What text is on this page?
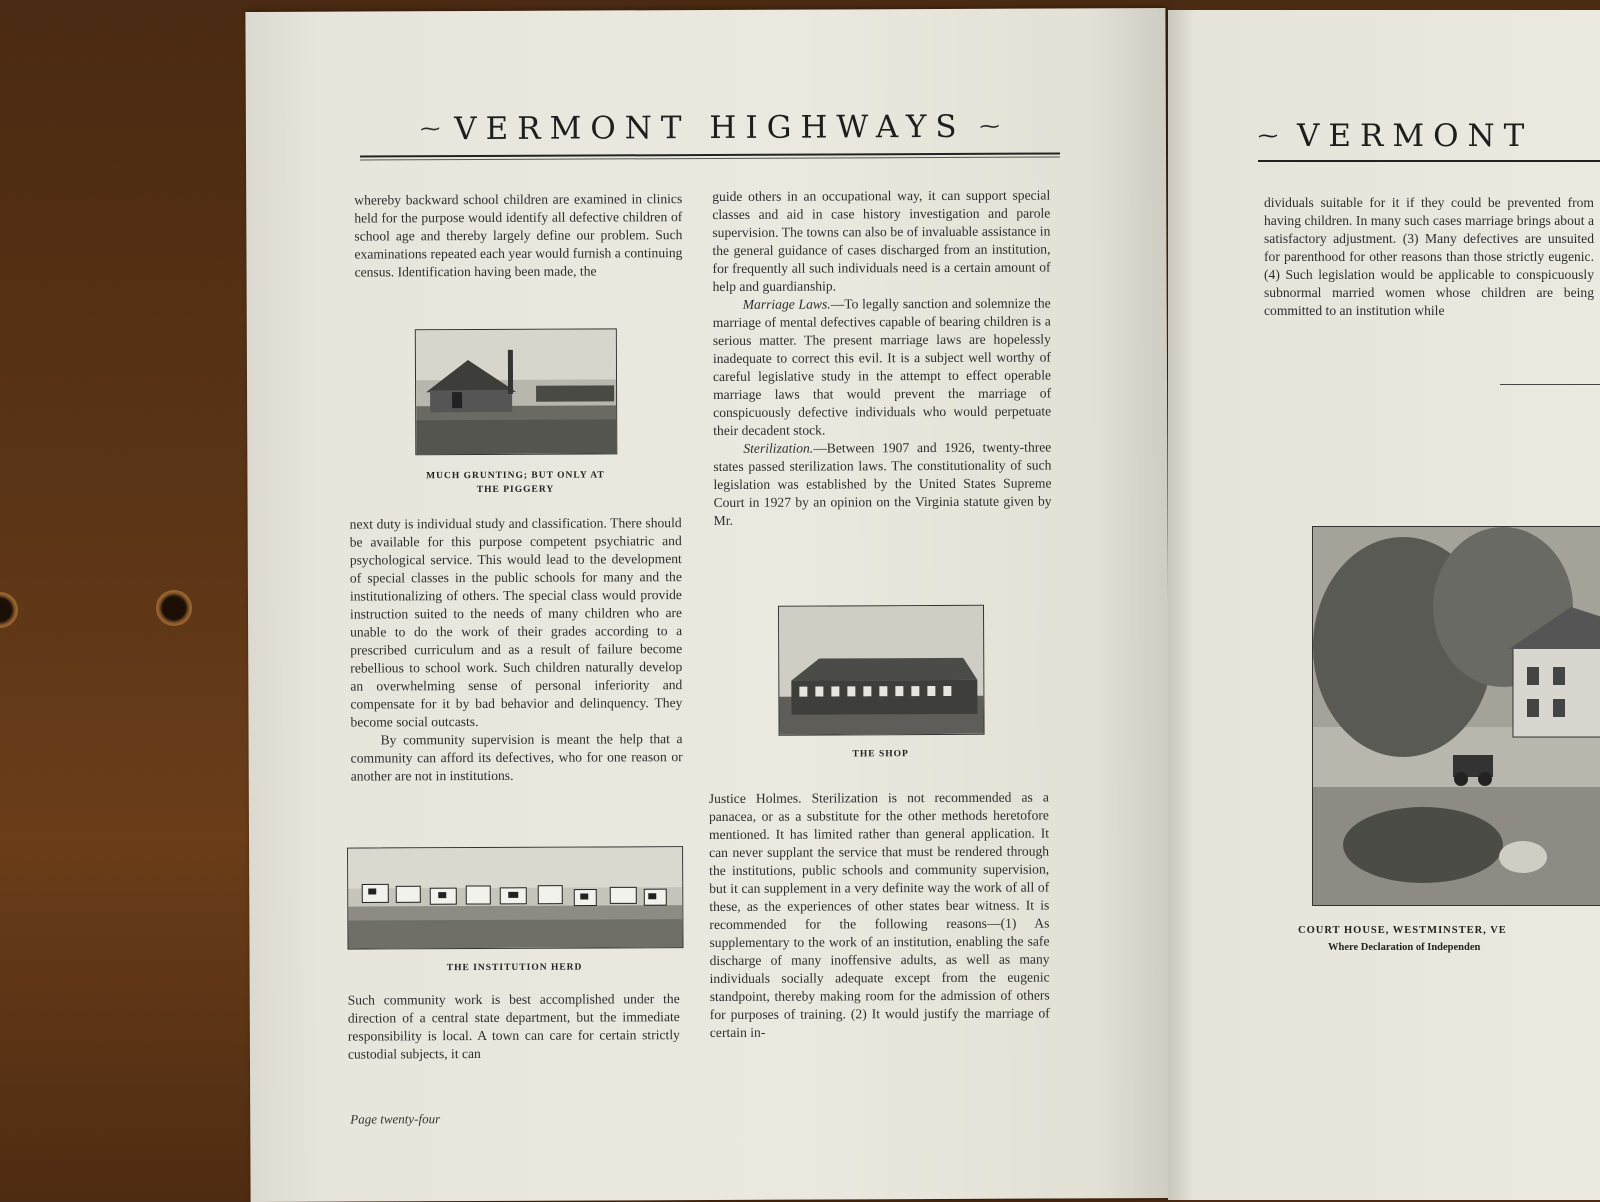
⁓ VERMONT HIGHWAYS ⁓

whereby backward school children are examined in clinics held for the purpose would identify all defective children of school age and thereby largely define our problem. Such examinations repeated each year would furnish a continuing census. Identification having been made, the

MUCH GRUNTING; BUT ONLY AT
THE PIGGERY

next duty is individual study and classification. There should be available for this purpose competent psychiatric and psychological service. This would lead to the development of special classes in the public schools for many and the institutionalizing of others. The special class would provide instruction suited to the needs of many children who are unable to do the work of their grades according to a prescribed curriculum and as a result of failure become rebellious to school work. Such children naturally develop an overwhelming sense of personal inferiority and compensate for it by bad behavior and delinquency. They become social outcasts.

By community supervision is meant the help that a community can afford its defectives, who for one reason or another are not in institutions.

THE INSTITUTION HERD

Such community work is best accomplished under the direction of a central state department, but the immediate responsibility is local. A town can care for certain strictly custodial subjects, it can

Page twenty-four

guide others in an occupational way, it can support special classes and aid in case history investigation and parole supervision. The towns can also be of invaluable assistance in the general guidance of cases discharged from an institution, for frequently all such individuals need is a certain amount of help and guardianship.

Marriage Laws.—To legally sanction and solemnize the marriage of mental defectives capable of bearing children is a serious matter. The present marriage laws are hopelessly inadequate to correct this evil. It is a subject well worthy of careful legislative study in the attempt to effect operable marriage laws that would prevent the marriage of conspicuously defective individuals who would perpetuate their decadent stock.

Sterilization.—Between 1907 and 1926, twenty-three states passed sterilization laws. The constitutionality of such legislation was established by the United States Supreme Court in 1927 by an opinion on the Virginia statute given by Mr.

THE SHOP

Justice Holmes. Sterilization is not recommended as a panacea, or as a substitute for the other methods heretofore mentioned. It has limited rather than general application. It can never supplant the service that must be rendered through the institutions, public schools and community supervision, but it can supplement in a very definite way the work of all of these, as the experiences of other states bear witness. It is recommended for the following reasons—(1) As supplementary to the work of an institution, enabling the safe discharge of many inoffensive adults, as well as many individuals socially adequate except from the eugenic standpoint, thereby making room for the admission of others for purposes of training. (2) It would justify the marriage of certain in-

⁓ VERMONT

dividuals suitable for it if they could be prevented from having children. In many such cases marriage brings about a satisfactory adjustment. (3) Many defectives are unsuited for parenthood for other reasons than those strictly eugenic. (4) Such legislation would be applicable to conspicuously subnormal married women whose children are being committed to an institution while

COURT HOUSE, WESTMINSTER, VE
Where Declaration of Independen
